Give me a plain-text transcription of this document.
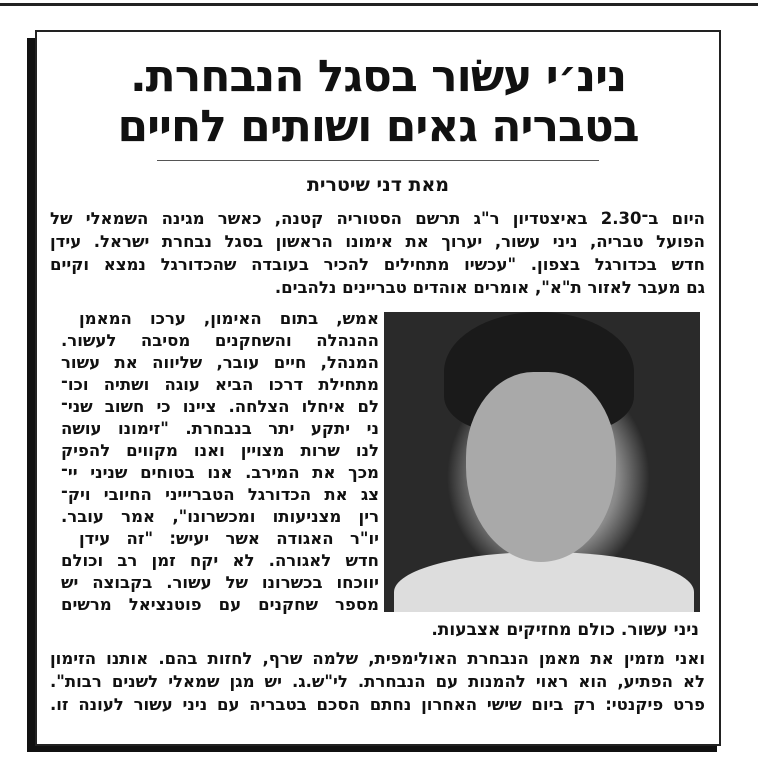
נינ׳י עשׂור בסגל הנבחרת.
בטבריה גאים ושותים לחיים
מאת דני שיטרית
היום ב־2.30 באיצטדיון ר"ג תרשם הסטוריה קטנה, כאשר מגינה השמאלי של
הפועל טבריה, ניני עשור, יערוך את אימונו הראשון בסגל נבחרת ישראל. עידן
חדש בכדורגל בצפון. "עכשיו מתחילים להכיר בעובדה שהכדורגל נמצא וקיים
גם מעבר לאזור ת"א", אומרים אוהדים טבריינים נלהבים.
אמש, בתום האימון, ערכו המאמן
ההנהלה והשחקנים מסיבה לעשור.
המנהל, חיים עובר, שליווה את עשור
מתחילת דרכו הביא עוגה ושתיה וכו־
לם איחלו הצלחה. ציינו כי חשוב שני־
ני יתקע יתר בנבחרת. "זימונו עושה
לנו שרות מצויין ואנו מקווים להפיק
מכך את המירב. אנו בטוחים שניני יי־
צג את הכדורגל הטבריייני החיובי ויק־
רין מצניעותו ומכשרונו", אמר עובר.
יו"ר האגודה אשר יעיש: "זה עידן
חדש לאגורה. לא יקח זמן רב וכולם
יווכחו בכשרונו של עשור. בקבוצה יש
מספר שחקנים עם פוטנציאל מרשים
ניני עשור. כולם מחזיקים אצבעות.
ואני מזמין את מאמן הנבחרת האולימפית, שלמה שרף, לחזות בהם. אותנו הזימון
לא הפתיע, הוא ראוי להמנות עם הנבחרת. לי"ש.ג. יש מגן שמאלי לשנים רבות".
פרט פיקנטי: רק ביום שישי האחרון נחתם הסכם בטבריה עם ניני עשור לעונה זו.
